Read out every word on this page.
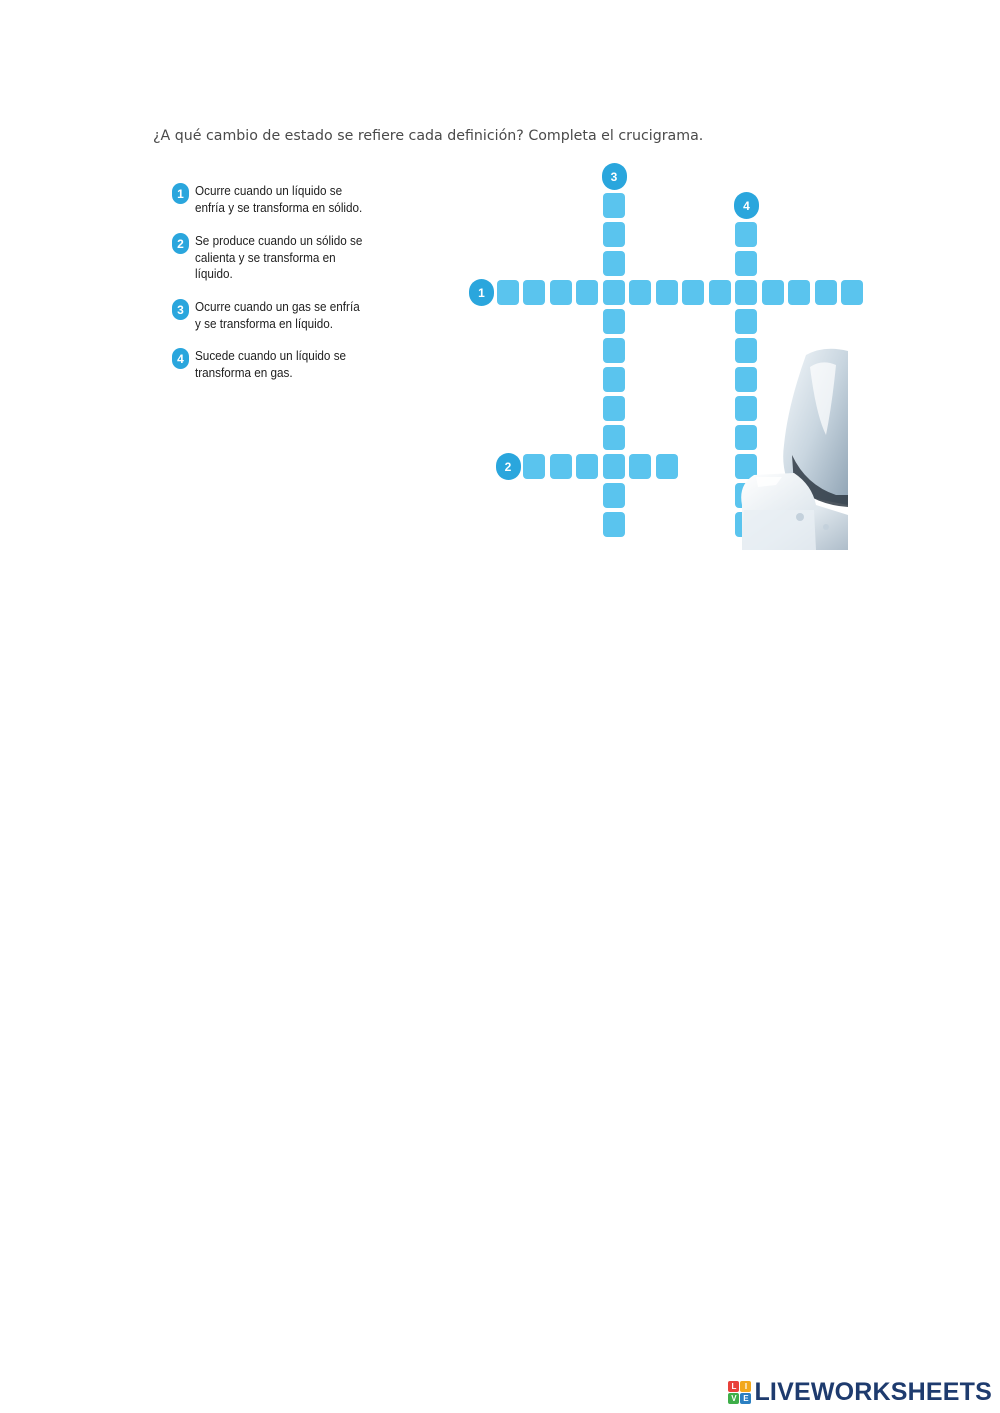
¿A qué cambio de estado se refiere cada definición? Completa el crucigrama.
1 Ocurre cuando un líquido se
enfría y se transforma en sólido.
2 Se produce cuando un sólido se
calienta y se transforma en
líquido.
3 Ocurre cuando un gas se enfría
y se transforma en líquido.
4 Sucede cuando un líquido se
transforma en gas.
1
3
4
2
L	I
V E LIVEWORKSHEETS
